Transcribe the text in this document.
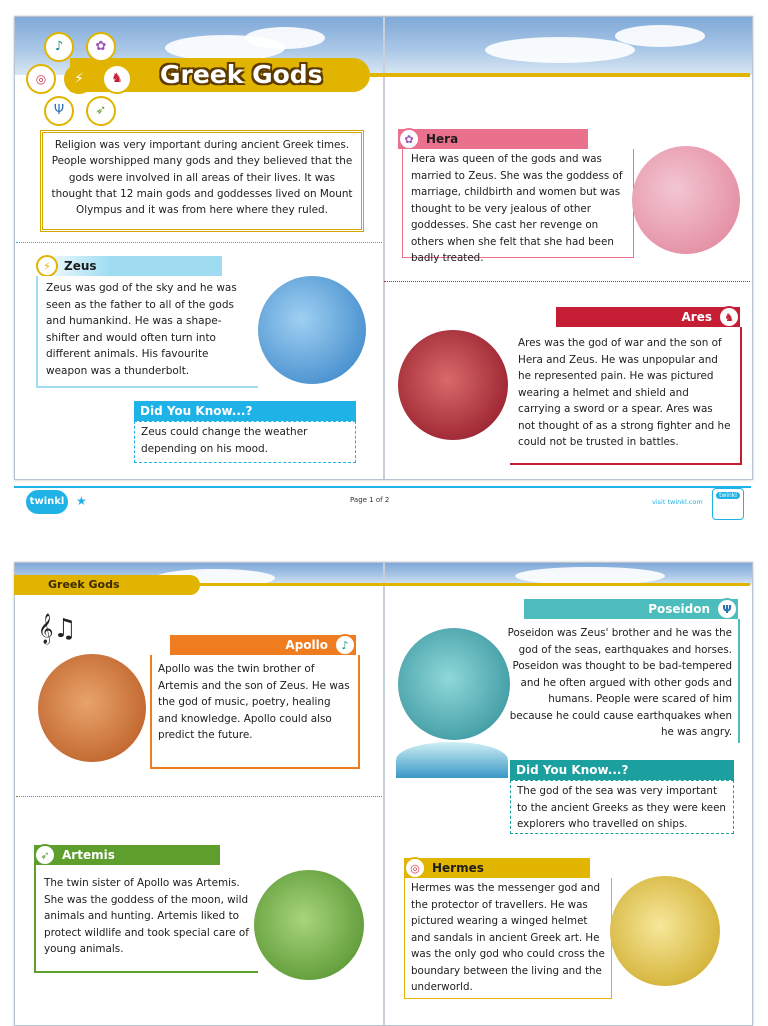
Greek Gods
♪	✿
◎	⚡	♞
Ψ	➶
Religion was very important during ancient Greek times. People worshipped many gods and they believed that the gods were involved in all areas of their lives. It was thought that 12 main gods and goddesses lived on Mount Olympus and it was from here where they ruled.
⚡	Zeus
Zeus was god of the sky and he was seen as the father to all of the gods and humankind. He was a shape-shifter and would often turn into different animals. His favourite weapon was a thunderbolt.
Did You Know...?
Zeus could change the weather depending on his mood.
✿	Hera
Hera was queen of the gods and was married to Zeus. She was the goddess of marriage, childbirth and women but was thought to be very jealous of other goddesses. She cast her revenge on others when she felt that she had been badly treated.
Ares	♞
Ares was the god of war and the son of Hera and Zeus. He was unpopular and he represented pain. He was pictured wearing a helmet and shield and carrying a sword or a spear. Ares was not thought of as a strong fighter and he could not be trusted in battles.
twinkl ★	Page 1 of 2	visit twinkl.com
twinkl
Greek Gods
𝄞♫
Apollo	♪
Apollo was the twin brother of Artemis and the son of Zeus. He was the god of music, poetry, healing and knowledge. Apollo could also predict the future.
➶	Artemis
The twin sister of Apollo was Artemis. She was the goddess of the moon, wild animals and hunting. Artemis liked to protect wildlife and took special care of young animals.
Poseidon	Ψ
Poseidon was Zeus' brother and he was the god of the seas, earthquakes and horses. Poseidon was thought to be bad-tempered and he often argued with other gods and humans. People were scared of him because he could cause earthquakes when he was angry.
Did You Know...?
The god of the sea was very important to the ancient Greeks as they were keen explorers who travelled on ships.
◎	Hermes
Hermes was the messenger god and the protector of travellers. He was pictured wearing a winged helmet and sandals in ancient Greek art. He was the only god who could cross the boundary between the living and the underworld.
